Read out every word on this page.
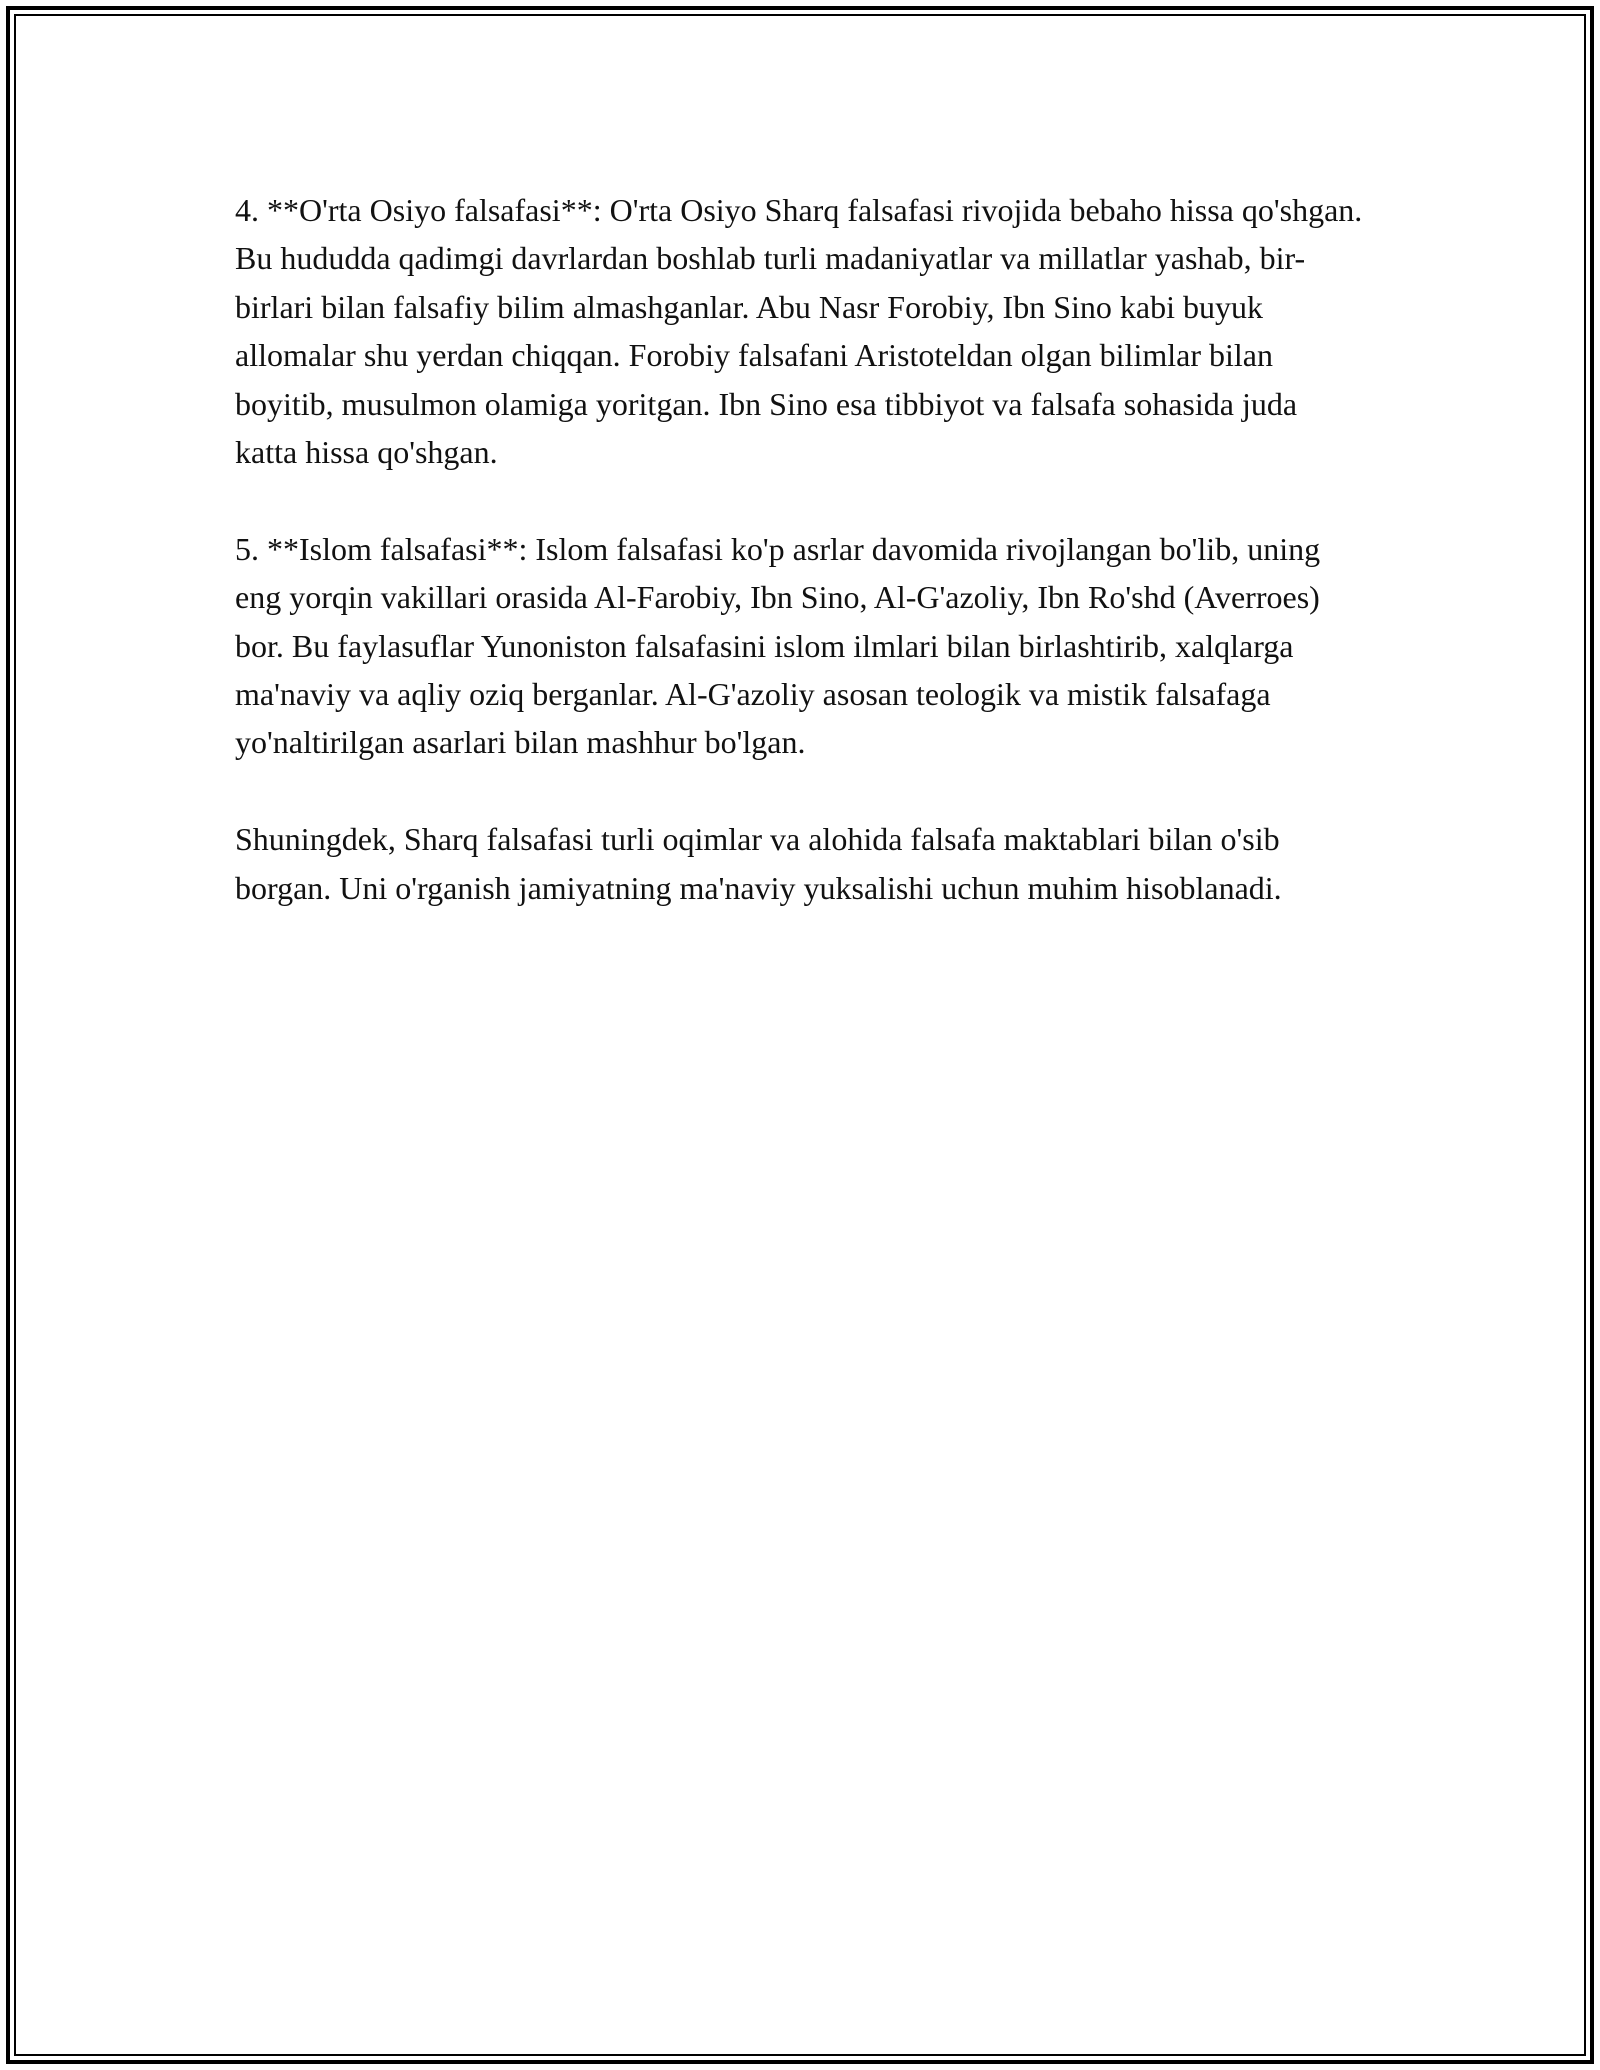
4. **O'rta Osiyo falsafasi**: O'rta Osiyo Sharq falsafasi rivojida bebaho hissa qo'shgan. Bu hududda qadimgi davrlardan boshlab turli madaniyatlar va millatlar yashab, bir-birlari bilan falsafiy bilim almashganlar. Abu Nasr Forobiy, Ibn Sino kabi buyuk allomalar shu yerdan chiqqan. Forobiy falsafani Aristoteldan olgan bilimlar bilan boyitib, musulmon olamiga yoritgan. Ibn Sino esa tibbiyot va falsafa sohasida juda katta hissa qo'shgan.

5. **Islom falsafasi**: Islom falsafasi ko'p asrlar davomida rivojlangan bo'lib, uning eng yorqin vakillari orasida Al-Farobiy, Ibn Sino, Al-G'azoliy, Ibn Ro'shd (Averroes) bor. Bu faylasuflar Yunoniston falsafasini islom ilmlari bilan birlashtirib, xalqlarga ma'naviy va aqliy oziq berganlar. Al-G'azoliy asosan teologik va mistik falsafaga yo'naltirilgan asarlari bilan mashhur bo'lgan.

Shuningdek, Sharq falsafasi turli oqimlar va alohida falsafa maktablari bilan o'sib borgan. Uni o'rganish jamiyatning ma'naviy yuksalishi uchun muhim hisoblanadi.
